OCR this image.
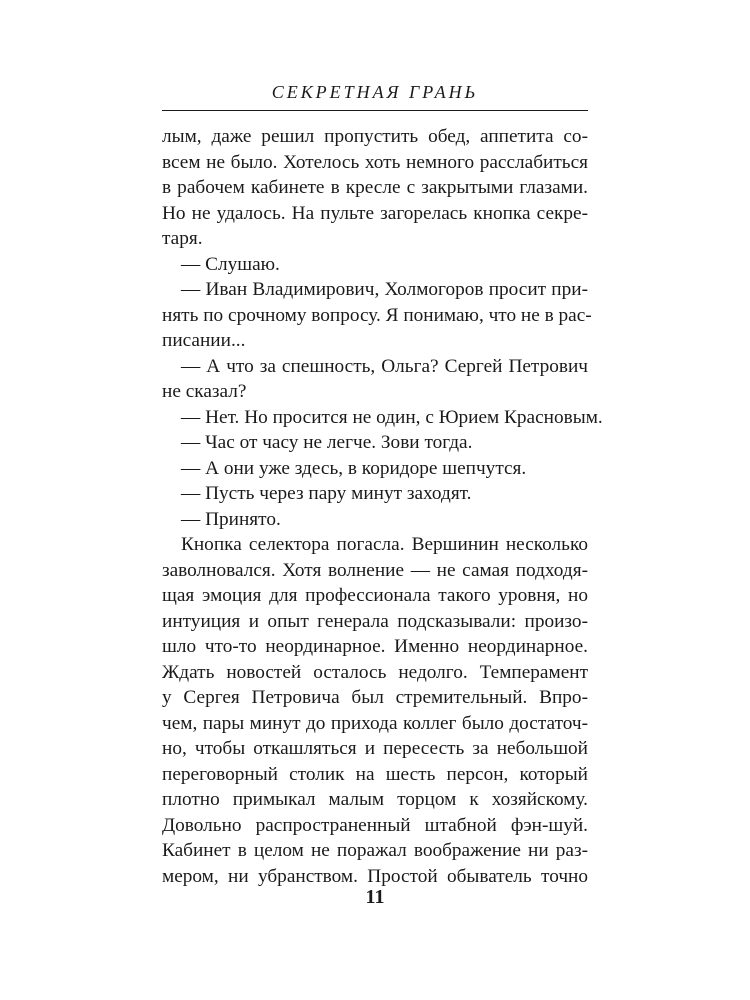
СЕКРЕТНАЯ ГРАНЬ
лым, даже решил пропустить обед, аппетита со-
всем не было. Хотелось хоть немного расслабиться
в рабочем кабинете в кресле с закрытыми глазами.
Но не удалось. На пульте загорелась кнопка секре-
таря.
— Слушаю.
— Иван Владимирович, Холмогоров просит при-
нять по срочному вопросу. Я понимаю, что не в рас-
писании...
— А что за спешность, Ольга? Сергей Петрович
не сказал?
— Нет. Но просится не один, с Юрием Красновым.
— Час от часу не легче. Зови тогда.
— А они уже здесь, в коридоре шепчутся.
— Пусть через пару минут заходят.
— Принято.
Кнопка селектора погасла. Вершинин несколько
заволновался. Хотя волнение — не самая подходя-
щая эмоция для профессионала такого уровня, но
интуиция и опыт генерала подсказывали: произо-
шло что-то неординарное. Именно неординарное.
Ждать новостей осталось недолго. Темперамент
у Сергея Петровича был стремительный. Впро-
чем, пары минут до прихода коллег было достаточ-
но, чтобы откашляться и пересесть за небольшой
переговорный столик на шесть персон, который
плотно примыкал малым торцом к хозяйскому.
Довольно распространенный штабной фэн-шуй.
Кабинет в целом не поражал воображение ни раз-
мером, ни убранством. Простой обыватель точно
11
